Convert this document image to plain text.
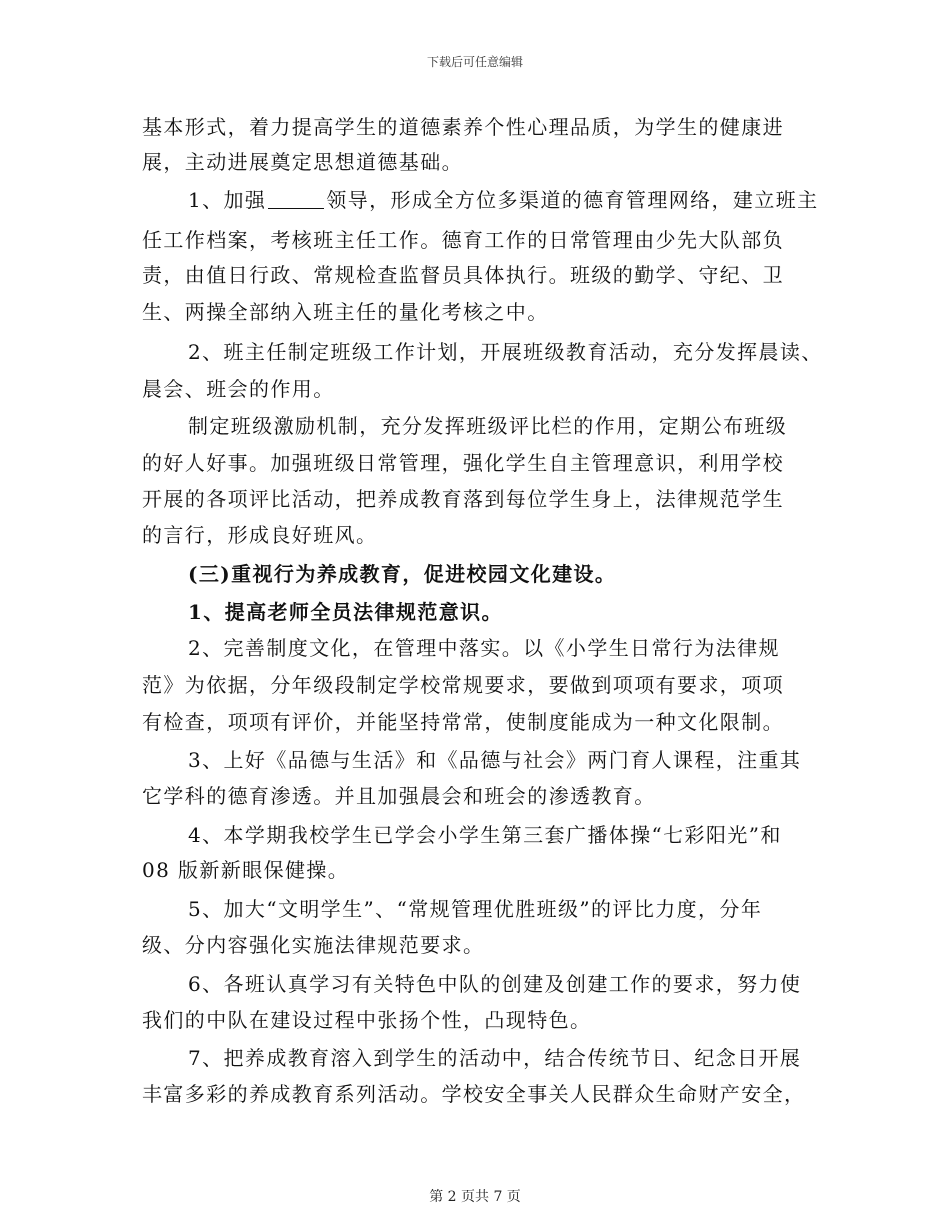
下载后可任意编辑
基本形式，着力提高学生的道德素养个性心理品质，为学生的健康进
展，主动进展奠定思想道德基础。
1、加强	领导，形成全方位多渠道的德育管理网络，建立班主
任工作档案，考核班主任工作。德育工作的日常管理由少先大队部负
责，由值日行政、常规检查监督员具体执行。班级的勤学、守纪、卫
生、两操全部纳入班主任的量化考核之中。
2、班主任制定班级工作计划，开展班级教育活动，充分发挥晨读、
晨会、班会的作用。
制定班级激励机制，充分发挥班级评比栏的作用，定期公布班级
的好人好事。加强班级日常管理，强化学生自主管理意识，利用学校
开展的各项评比活动，把养成教育落到每位学生身上，法律规范学生
的言行，形成良好班风。
(三)重视行为养成教育，促进校园文化建设。
1、提高老师全员法律规范意识。
2、完善制度文化，在管理中落实。以《小学生日常行为法律规
范》为依据，分年级段制定学校常规要求，要做到项项有要求，项项
有检查，项项有评价，并能坚持常常，使制度能成为一种文化限制。
3、上好《品德与生活》和《品德与社会》两门育人课程，注重其
它学科的德育渗透。并且加强晨会和班会的渗透教育。
4、本学期我校学生已学会小学生第三套广播体操“七彩阳光”和
08 版新新眼保健操。
5、加大“文明学生”、“常规管理优胜班级”的评比力度，分年
级、分内容强化实施法律规范要求。
6、各班认真学习有关特色中队的创建及创建工作的要求，努力使
我们的中队在建设过程中张扬个性，凸现特色。
7、把养成教育溶入到学生的活动中，结合传统节日、纪念日开展
丰富多彩的养成教育系列活动。学校安全事关人民群众生命财产安全，
第 2 页共 7 页
